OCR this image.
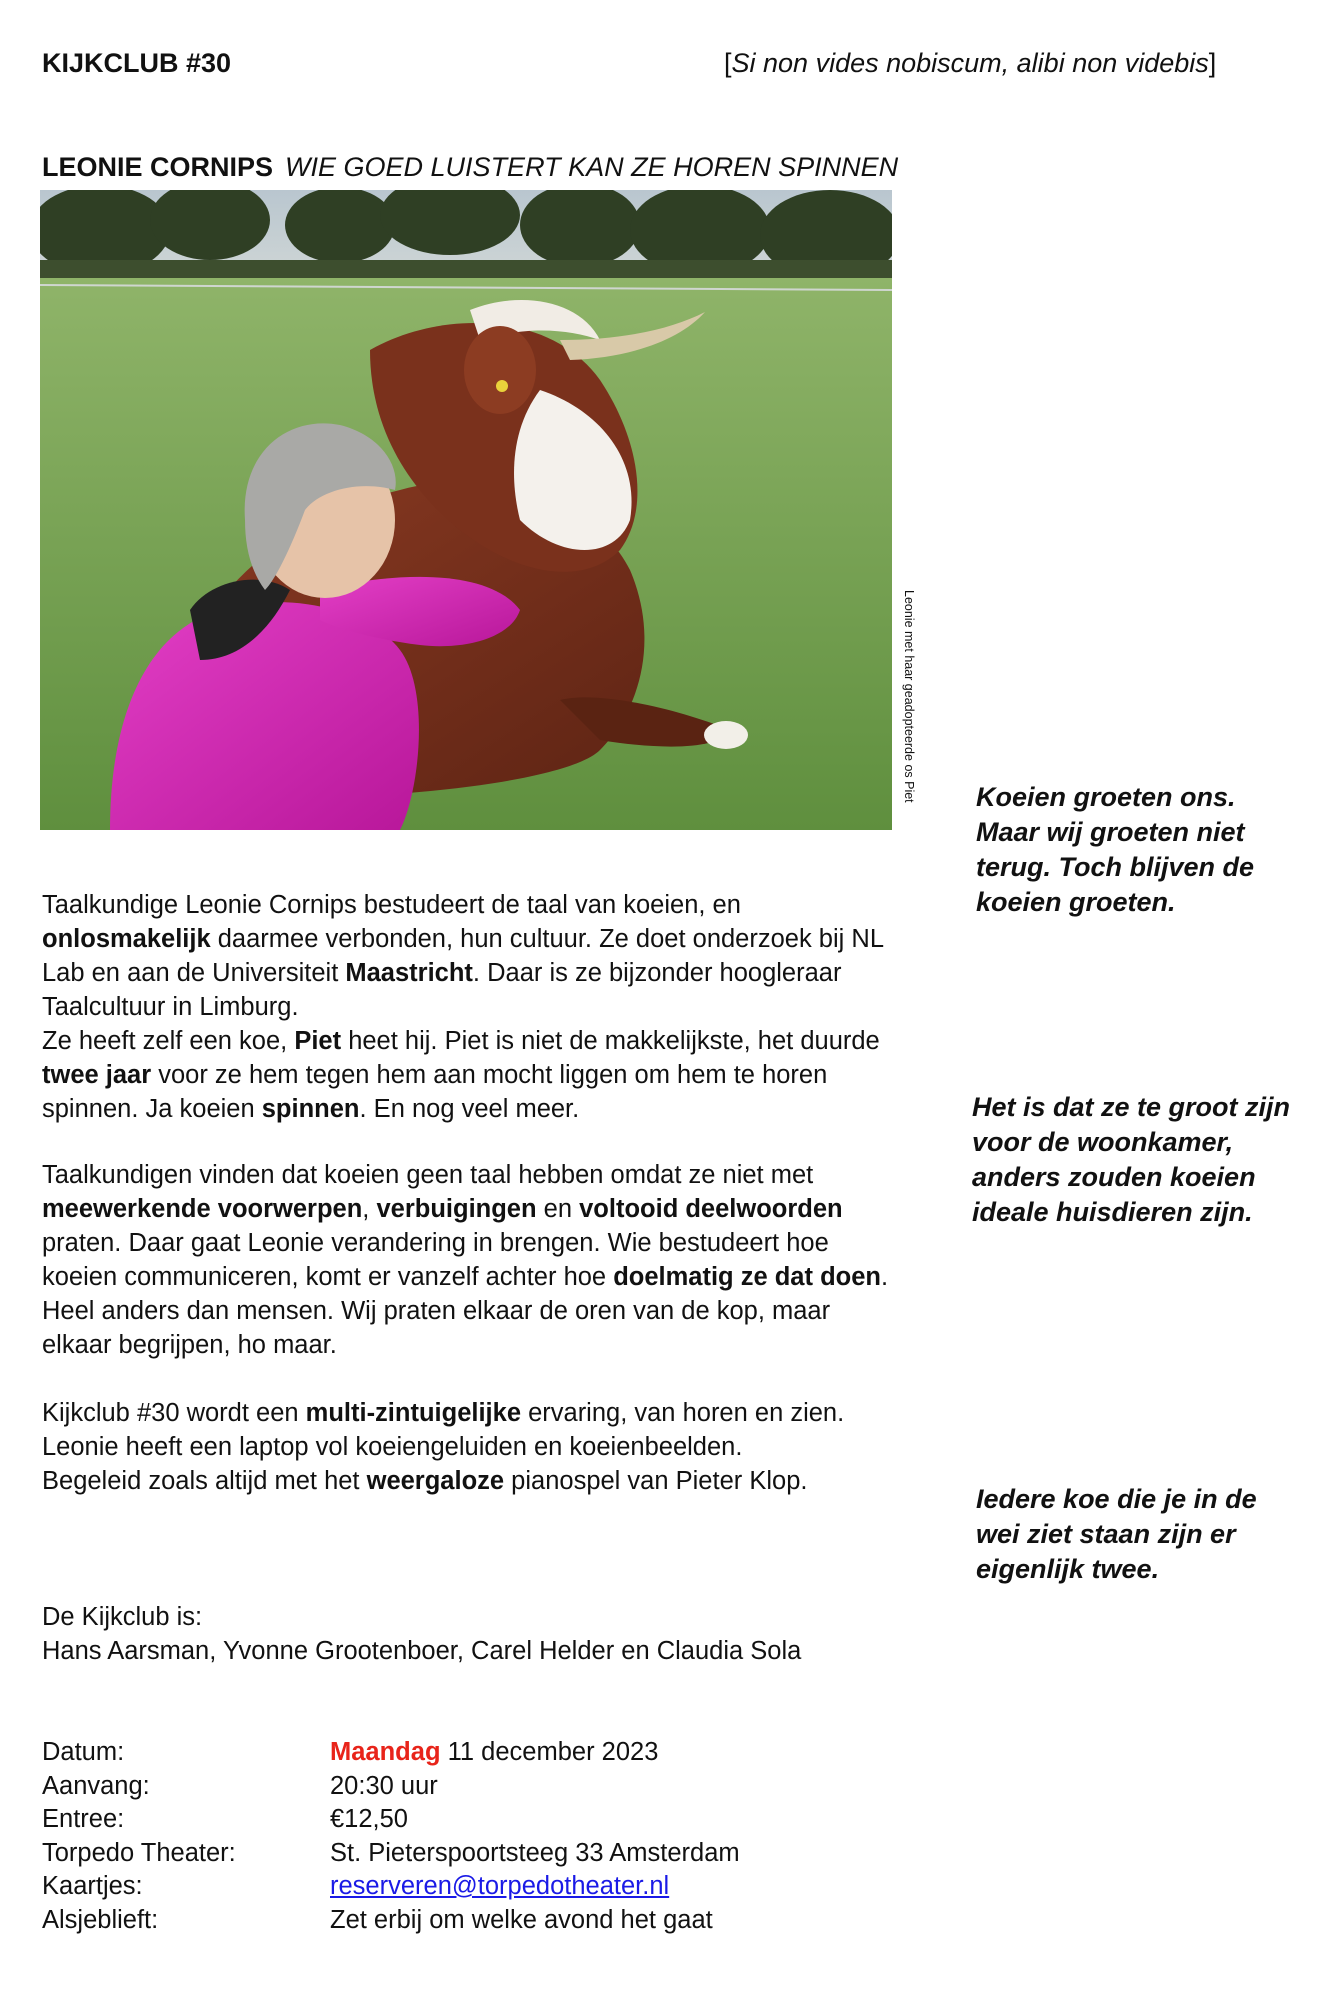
KIJKCLUB #30	[Si non vides nobiscum, alibi non videbis]
LEONIE CORNIPS WIE GOED LUISTERT KAN ZE HOREN SPINNEN
Leonie met haar geadopteerde os Piet

Taalkundige Leonie Cornips bestudeert de taal van koeien, en onlosmakelijk daarmee verbonden, hun cultuur. Ze doet onderzoek bij NL Lab en aan de Universiteit Maastricht. Daar is ze bijzonder hoogleraar Taalcultuur in Limburg.

Ze heeft zelf een koe, Piet heet hij. Piet is niet de makkelijkste, het duurde twee jaar voor ze hem tegen hem aan mocht liggen om hem te horen spinnen. Ja koeien spinnen. En nog veel meer.

Taalkundigen vinden dat koeien geen taal hebben omdat ze niet met meewerkende voorwerpen, verbuigingen en voltooid deelwoorden praten. Daar gaat Leonie verandering in brengen. Wie bestudeert hoe koeien communiceren, komt er vanzelf achter hoe doelmatig ze dat doen. Heel anders dan mensen. Wij praten elkaar de oren van de kop, maar elkaar begrijpen, ho maar.

Kijkclub #30 wordt een multi-zintuigelijke ervaring, van horen en zien.

Leonie heeft een laptop vol koeiengeluiden en koeienbeelden.

Begeleid zoals altijd met het weergaloze pianospel van Pieter Klop.

De Kijkclub is:

Hans Aarsman, Yvonne Grootenboer, Carel Helder en Claudia Sola

Koeien groeten ons. Maar wij groeten niet terug. Toch blijven de koeien groeten.
Het is dat ze te groot zijn voor de woonkamer, anders zouden koeien ideale huisdieren zijn.
Iedere koe die je in de wei ziet staan zijn er eigenlijk twee.
Datum:	Maandag 11 december 2023
Aanvang:	20:30 uur
Entree:	€12,50
Torpedo Theater:	St. Pieterspoortsteeg 33 Amsterdam
Kaartjes:	reserveren@torpedotheater.nl
Alsjeblieft:	Zet erbij om welke avond het gaat
